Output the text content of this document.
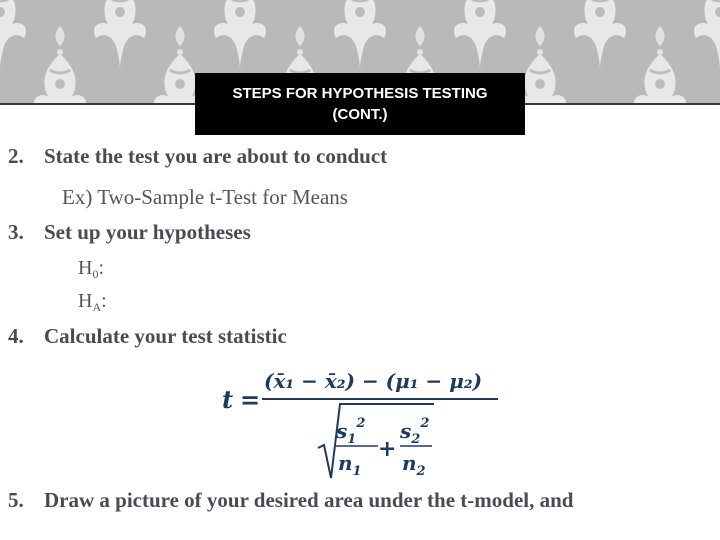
STEPS FOR HYPOTHESIS TESTING
(CONT.)
2. State the test you are about to conduct
Ex) Two-Sample t-Test for Means
3. Set up your hypotheses
$H_0$:
$H_A$:
4. Calculate your test statistic
t =
(x̄₁ − x̄₂) − (μ₁ − μ₂)
$s_1^2$
$n_1$
+
$s_2^2$
$n_2$
5. Draw a picture of your desired area under the t-model, and
